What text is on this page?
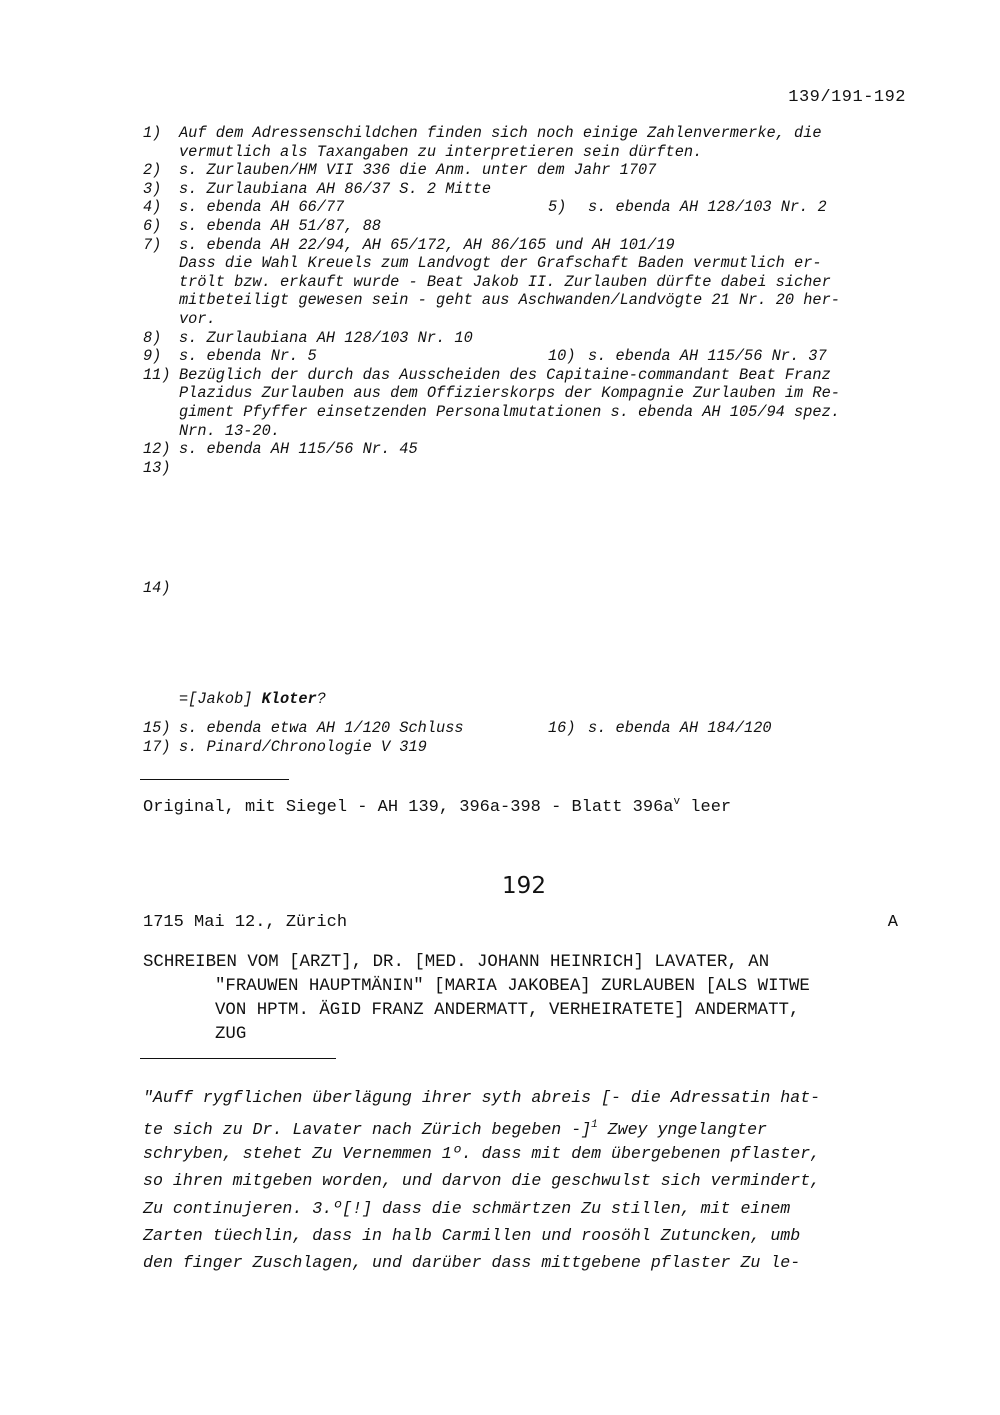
139/191-192
1) Auf dem Adressenschildchen finden sich noch einige Zahlenvermerke, die
vermutlich als Taxangaben zu interpretieren sein dürften.
2) s. Zurlauben/HM VII 336 die Anm. unter dem Jahr 1707
3) s. Zurlaubiana AH 86/37 S. 2 Mitte
4) s. ebenda AH 66/77	5) s. ebenda AH 128/103 Nr. 2
6) s. ebenda AH 51/87, 88
7) s. ebenda AH 22/94, AH 65/172, AH 86/165 und AH 101/19
Dass die Wahl Kreuels zum Landvogt der Grafschaft Baden vermutlich er-
trölt bzw. erkauft wurde - Beat Jakob II. Zurlauben dürfte dabei sicher
mitbeteiligt gewesen sein - geht aus Aschwanden/Landvögte 21 Nr. 20 her-
vor.
8) s. Zurlaubiana AH 128/103 Nr. 10
9) s. ebenda Nr. 5	10) s. ebenda AH 115/56 Nr. 37
11) Bezüglich der durch das Ausscheiden des Capitaine-commandant Beat Franz
Plazidus Zurlauben aus dem Offizierskorps der Kompagnie Zurlauben im Re-
giment Pfyffer einsetzenden Personalmutationen s. ebenda AH 105/94 spez.
Nrn. 13-20.
12) s. ebenda AH 115/56 Nr. 45
13)
14)
15) s. ebenda etwa AH 1/120 Schluss	16) s. ebenda AH 184/120
17) s. Pinard/Chronologie V 319
=[Jakob] Kloter?
Original, mit Siegel - AH 139, 396a-398 - Blatt $396a^v$ leer
192
1715 Mai 12., Zürich	A
SCHREIBEN VOM [ARZT], DR. [MED. JOHANN HEINRICH] LAVATER, AN
"FRAUWEN HAUPTMÄNIN" [MARIA JAKOBEA] ZURLAUBEN [ALS WITWE
VON HPTM. ÄGID FRANZ ANDERMATT, VERHEIRATETE] ANDERMATT,
ZUG
"Auff rygflichen überlägung ihrer syth abreis [- die Adressatin hat-
te sich zu Dr. Lavater nach Zürich begeben -]$^1$ Zwey yngelangter
schryben, stehet Zu Vernemmen 1º. dass mit dem übergebenen pflaster,
so ihren mitgeben worden, und darvon die geschwulst sich vermindert,
Zu continujeren. 3.º[!] dass die schmärtzen Zu stillen, mit einem
Zarten tüechlin, dass in halb Carmillen und roosöhl Zutuncken, umb
den finger Zuschlagen, und darüber dass mittgebene pflaster Zu le-
